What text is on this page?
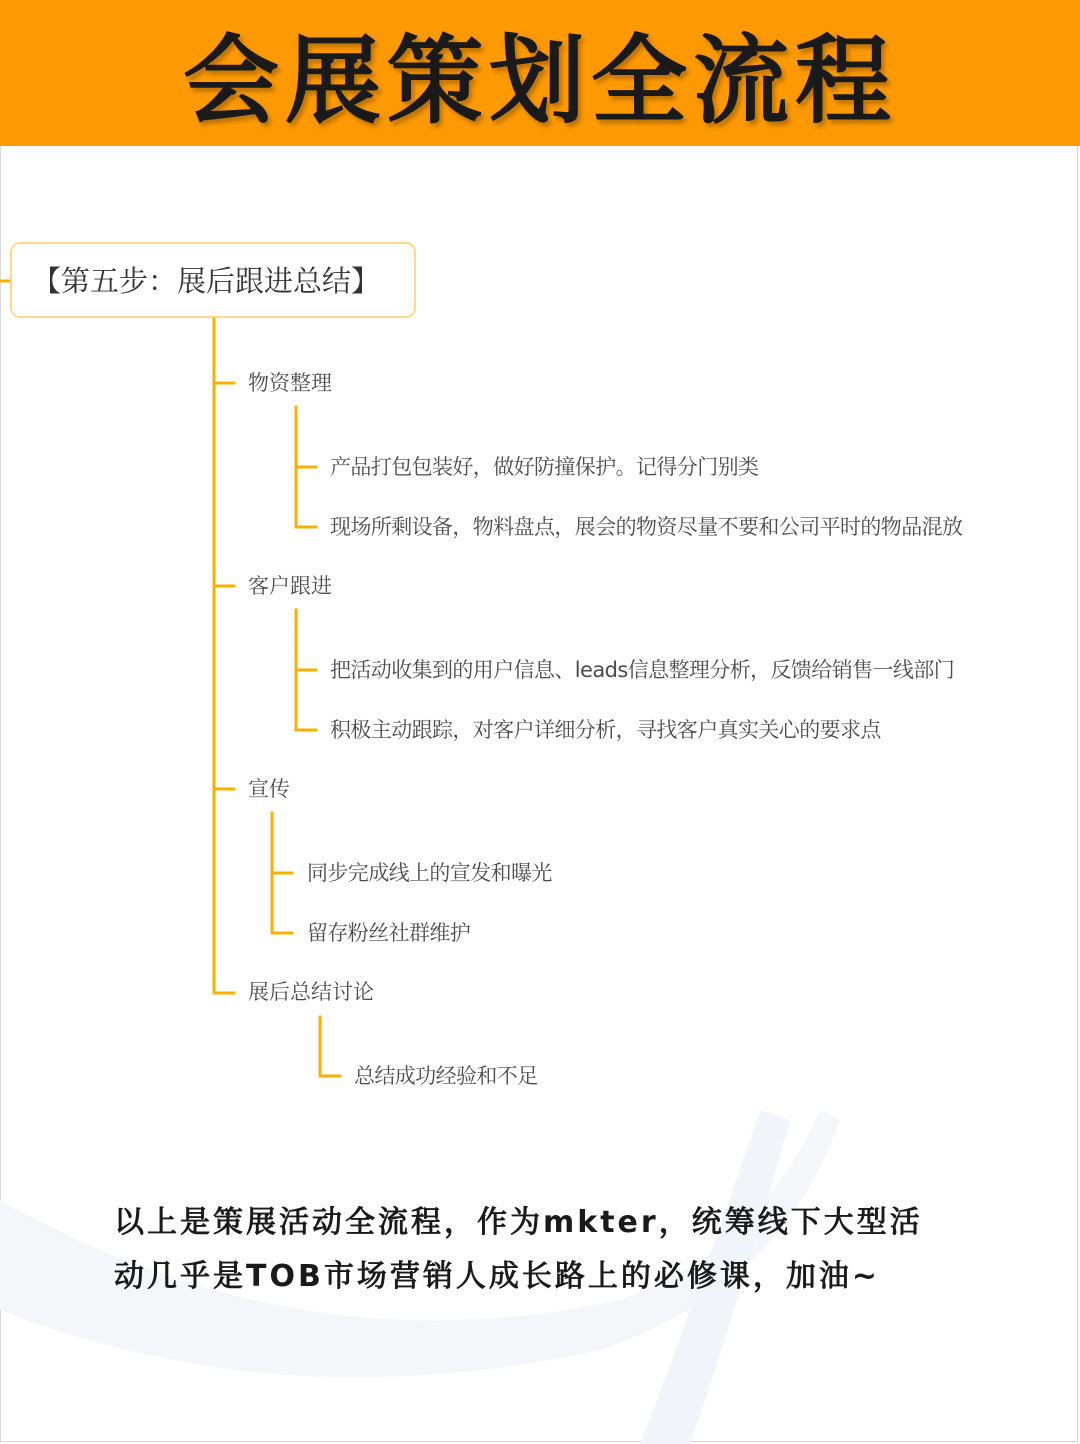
会展策划全流程
【第五步：展后跟进总结】
物资整理
产品打包包装好，做好防撞保护。记得分门别类
现场所剩设备，物料盘点，展会的物资尽量不要和公司平时的物品混放
客户跟进
把活动收集到的用户信息、leads信息整理分析，反馈给销售一线部门
积极主动跟踪，对客户详细分析，寻找客户真实关心的要求点
宣传
同步完成线上的宣发和曝光
留存粉丝社群维护
展后总结讨论
总结成功经验和不足
以上是策展活动全流程，作为mkter，统筹线下大型活
动几乎是TOB市场营销人成长路上的必修课，加油~
